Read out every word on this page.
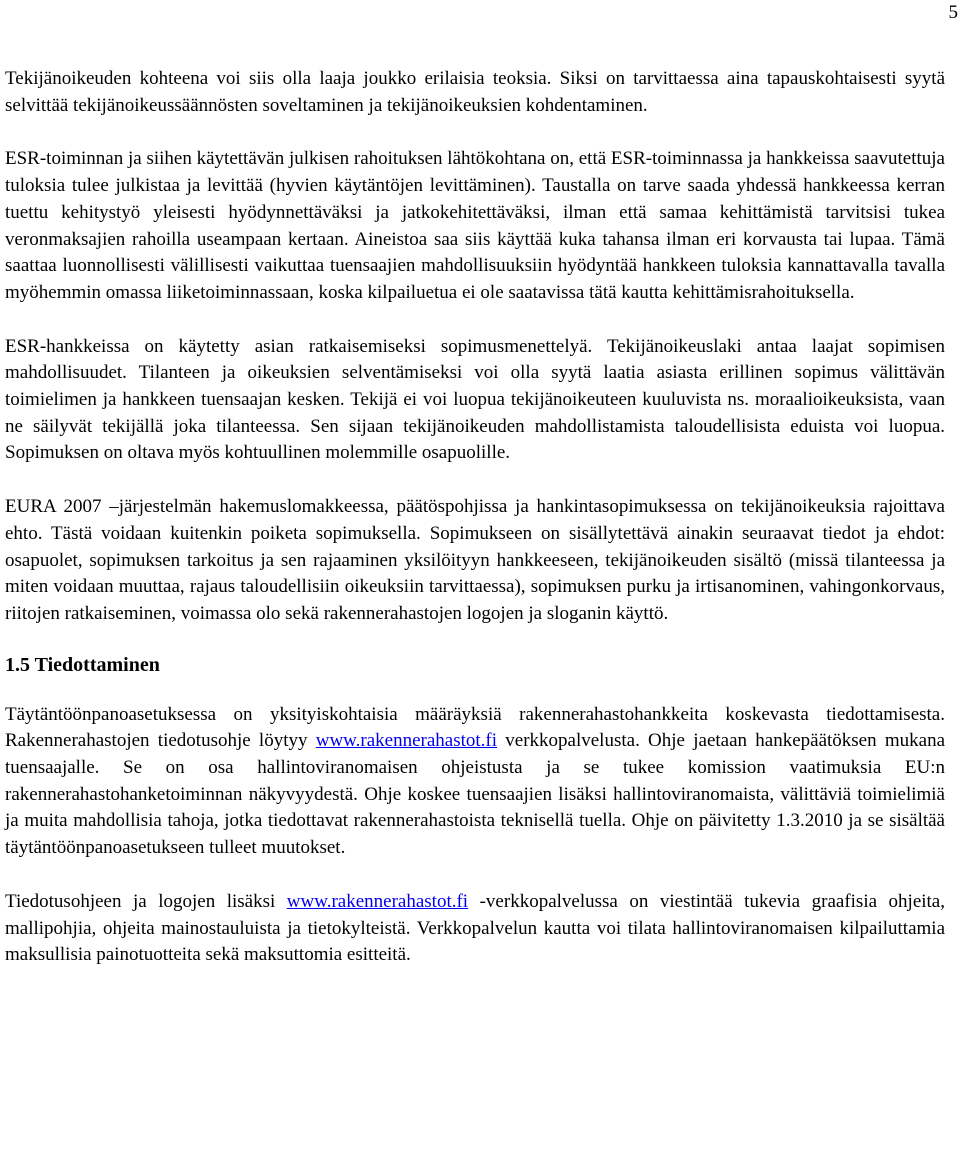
5

Tekijänoikeuden kohteena voi siis olla laaja joukko erilaisia teoksia. Siksi on tarvittaessa aina tapauskohtaisesti syytä selvittää tekijänoikeussäännösten soveltaminen ja tekijänoikeuksien kohdentaminen.

ESR-toiminnan ja siihen käytettävän julkisen rahoituksen lähtökohtana on, että ESR-toiminnassa ja hankkeissa saavutettuja tuloksia tulee julkistaa ja levittää (hyvien käytäntöjen levittäminen). Taustalla on tarve saada yhdessä hankkeessa kerran tuettu kehitystyö yleisesti hyödynnettäväksi ja jatkokehitettäväksi, ilman että samaa kehittämistä tarvitsisi tukea veronmaksajien rahoilla useampaan kertaan. Aineistoa saa siis käyttää kuka tahansa ilman eri korvausta tai lupaa. Tämä saattaa luonnollisesti välillisesti vaikuttaa tuensaajien mahdollisuuksiin hyödyntää hankkeen tuloksia kannattavalla tavalla myöhemmin omassa liiketoiminnassaan, koska kilpailuetua ei ole saatavissa tätä kautta kehittämisrahoituksella.

ESR-hankkeissa on käytetty asian ratkaisemiseksi sopimusmenettelyä. Tekijänoikeuslaki antaa laajat sopimisen mahdollisuudet. Tilanteen ja oikeuksien selventämiseksi voi olla syytä laatia asiasta erillinen sopimus välittävän toimielimen ja hankkeen tuensaajan kesken. Tekijä ei voi luopua tekijänoikeuteen kuuluvista ns. moraalioikeuksista, vaan ne säilyvät tekijällä joka tilanteessa. Sen sijaan tekijänoikeuden mahdollistamista taloudellisista eduista voi luopua. Sopimuksen on oltava myös kohtuullinen molemmille osapuolille.

EURA 2007 –järjestelmän hakemuslomakkeessa, päätöspohjissa ja hankintasopimuksessa on tekijänoikeuksia rajoittava ehto. Tästä voidaan kuitenkin poiketa sopimuksella. Sopimukseen on sisällytettävä ainakin seuraavat tiedot ja ehdot: osapuolet, sopimuksen tarkoitus ja sen rajaaminen yksilöityyn hankkeeseen, tekijänoikeuden sisältö (missä tilanteessa ja miten voidaan muuttaa, rajaus taloudellisiin oikeuksiin tarvittaessa), sopimuksen purku ja irtisanominen, vahingonkorvaus, riitojen ratkaiseminen, voimassa olo sekä rakennerahastojen logojen ja sloganin käyttö.

1.5 Tiedottaminen

Täytäntöönpanoasetuksessa on yksityiskohtaisia määräyksiä rakennerahastohankkeita koskevasta tiedottamisesta. Rakennerahastojen tiedotusohje löytyy www.rakennerahastot.fi verkkopalvelusta. Ohje jaetaan hankepäätöksen mukana tuensaajalle. Se on osa hallintoviranomaisen ohjeistusta ja se tukee komission vaatimuksia EU:n rakennerahastohanketoiminnan näkyvyydestä. Ohje koskee tuensaajien lisäksi hallintoviranomaista, välittäviä toimielimiä ja muita mahdollisia tahoja, jotka tiedottavat rakennerahastoista teknisellä tuella. Ohje on päivitetty 1.3.2010 ja se sisältää täytäntöönpanoasetukseen tulleet muutokset.

Tiedotusohjeen ja logojen lisäksi www.rakennerahastot.fi -verkkopalvelussa on viestintää tukevia graafisia ohjeita, mallipohjia, ohjeita mainostauluista ja tietokylteistä. Verkkopalvelun kautta voi tilata hallintoviranomaisen kilpailuttamia maksullisia painotuotteita sekä maksuttomia esitteitä.
